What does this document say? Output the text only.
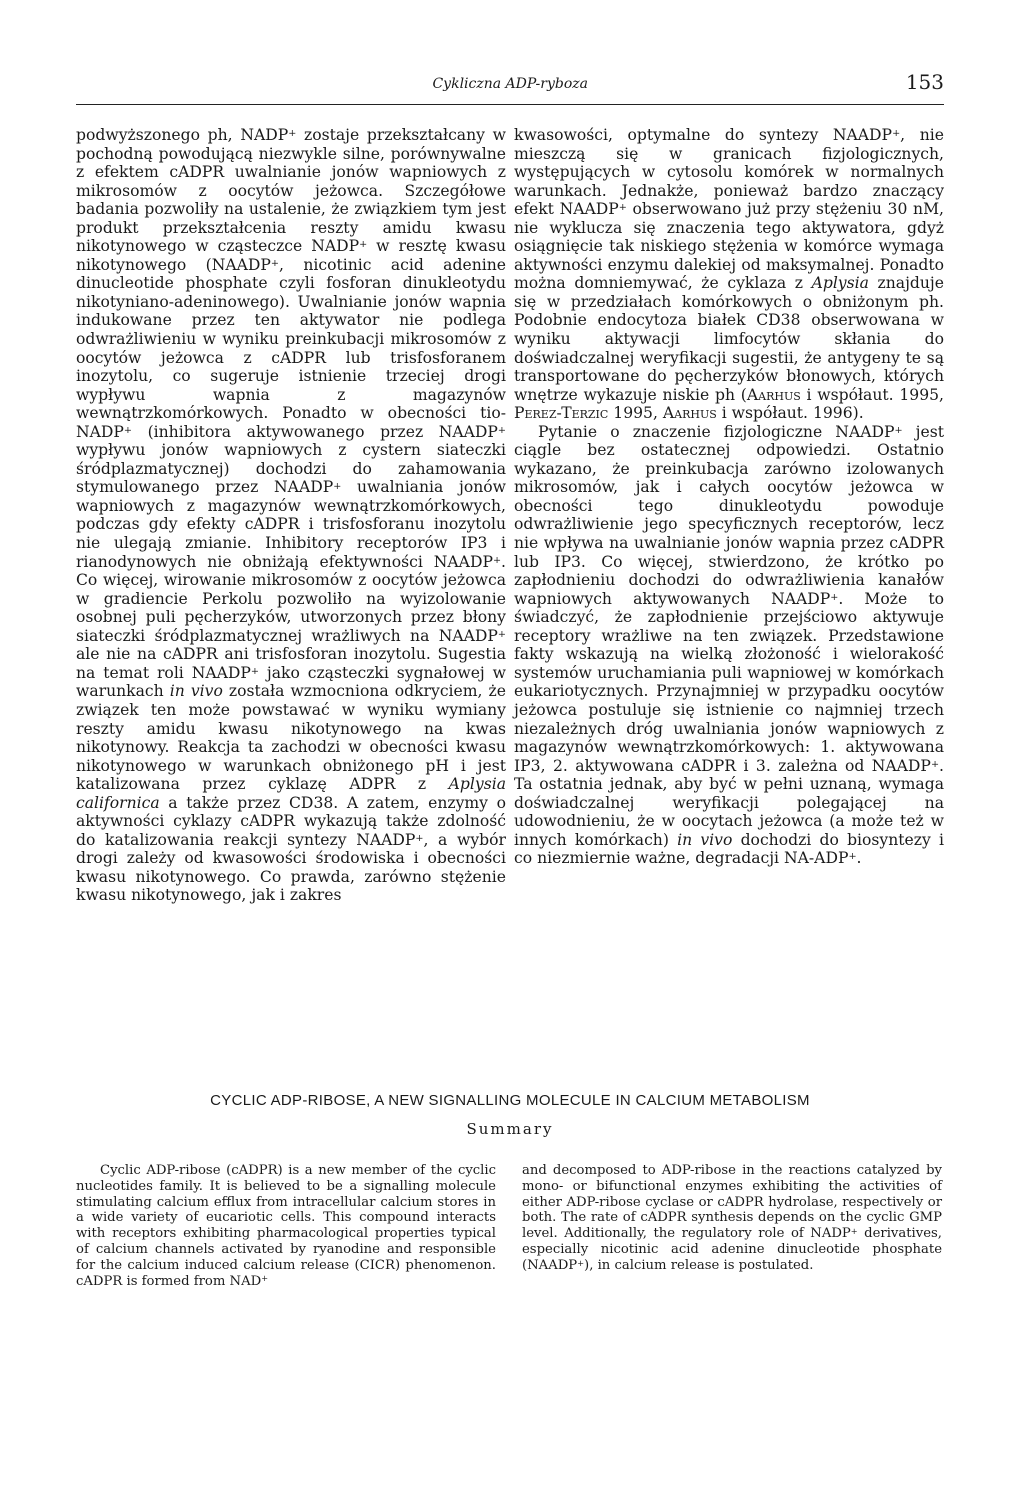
Cykliczna ADP-ryboza	153

podwyższonego ph, NADP+ zostaje przekształcany w pochodną powodującą niezwykle silne, porównywalne z efektem cADPR uwalnianie jonów wapniowych z mikrosomów z oocytów jeżowca. Szczegółowe badania pozwoliły na ustalenie, że związkiem tym jest produkt przekształcenia reszty amidu kwasu nikotynowego w cząsteczce NADP+ w resztę kwasu nikotynowego (NAADP+, nicotinic acid adenine dinucleotide phosphate czyli fosforan dinukleotydu nikotyniano-adeninowego). Uwalnianie jonów wapnia indukowane przez ten aktywator nie podlega odwrażliwieniu w wyniku preinkubacji mikrosomów z oocytów jeżowca z cADPR lub trisfosforanem inozytolu, co sugeruje istnienie trzeciej drogi wypływu wapnia z magazynów wewnątrzkomórkowych. Ponadto w obecności tio-NADP+ (inhibitora aktywowanego przez NAADP+ wypływu jonów wapniowych z cystern siateczki śródplazmatycznej) dochodzi do zahamowania stymulowanego przez NAADP+ uwalniania jonów wapniowych z magazynów wewnątrzkomórkowych, podczas gdy efekty cADPR i trisfosforanu inozytolu nie ulegają zmianie. Inhibitory receptorów IP3 i rianodynowych nie obniżają efektywności NAADP+. Co więcej, wirowanie mikrosomów z oocytów jeżowca w gradiencie Perkolu pozwoliło na wyizolowanie osobnej puli pęcherzyków, utworzonych przez błony siateczki śródplazmatycznej wrażliwych na NAADP+ ale nie na cADPR ani trisfosforan inozytolu. Sugestia na temat roli NAADP+ jako cząsteczki sygnałowej w warunkach in vivo została wzmocniona odkryciem, że związek ten może powstawać w wyniku wymiany reszty amidu kwasu nikotynowego na kwas nikotynowy. Reakcja ta zachodzi w obecności kwasu nikotynowego w warunkach obniżonego pH i jest katalizowana przez cyklazę ADPR z Aplysia californica a także przez CD38. A zatem, enzymy o aktywności cyklazy cADPR wykazują także zdolność do katalizowania reakcji syntezy NAADP+, a wybór drogi zależy od kwasowości środowiska i obecności kwasu nikotynowego. Co prawda, zarówno stężenie kwasu nikotynowego, jak i zakres

kwasowości, optymalne do syntezy NAADP+, nie mieszczą się w granicach fizjologicznych, występujących w cytosolu komórek w normalnych warunkach. Jednakże, ponieważ bardzo znaczący efekt NAADP+ obserwowano już przy stężeniu 30 nM, nie wyklucza się znaczenia tego aktywatora, gdyż osiągnięcie tak niskiego stężenia w komórce wymaga aktywności enzymu dalekiej od maksymalnej. Ponadto można domniemywać, że cyklaza z Aplysia znajduje się w przedziałach komórkowych o obniżonym ph. Podobnie endocytoza białek CD38 obserwowana w wyniku aktywacji limfocytów skłania do doświadczalnej weryfikacji sugestii, że antygeny te są transportowane do pęcherzyków błonowych, których wnętrze wykazuje niskie ph (Aarhus i współaut. 1995, Perez-Terzic 1995, Aarhus i współaut. 1996).

Pytanie o znaczenie fizjologiczne NAADP+ jest ciągle bez ostatecznej odpowiedzi. Ostatnio wykazano, że preinkubacja zarówno izolowanych mikrosomów, jak i całych oocytów jeżowca w obecności tego dinukleotydu powoduje odwrażliwienie jego specyficznych receptorów, lecz nie wpływa na uwalnianie jonów wapnia przez cADPR lub IP3. Co więcej, stwierdzono, że krótko po zapłodnieniu dochodzi do odwrażliwienia kanałów wapniowych aktywowanych NAADP+. Może to świadczyć, że zapłodnienie przejściowo aktywuje receptory wrażliwe na ten związek. Przedstawione fakty wskazują na wielką złożoność i wielorakość systemów uruchamiania puli wapniowej w komórkach eukariotycznych. Przynajmniej w przypadku oocytów jeżowca postuluje się istnienie co najmniej trzech niezależnych dróg uwalniania jonów wapniowych z magazynów wewnątrzkomórkowych: 1. aktywowana IP3, 2. aktywowana cADPR i 3. zależna od NAADP+. Ta ostatnia jednak, aby być w pełni uznaną, wymaga doświadczalnej weryfikacji polegającej na udowodnieniu, że w oocytach jeżowca (a może też w innych komórkach) in vivo dochodzi do biosyntezy i co niezmiernie ważne, degradacji NA-ADP+.

CYCLIC ADP-RIBOSE, A NEW SIGNALLING MOLECULE IN CALCIUM METABOLISM
Summary
Cyclic ADP-ribose (cADPR) is a new member of the cyclic nucleotides family. It is believed to be a signalling molecule stimulating calcium efflux from intracellular calcium stores in a wide variety of eucariotic cells. This compound interacts with receptors exhibiting pharmacological properties typical of calcium channels activated by ryanodine and responsible for the calcium induced calcium release (CICR) phenomenon. cADPR is formed from NAD+
and decomposed to ADP-ribose in the reactions catalyzed by mono- or bifunctional enzymes exhibiting the activities of either ADP-ribose cyclase or cADPR hydrolase, respectively or both. The rate of cADPR synthesis depends on the cyclic GMP level. Additionally, the regulatory role of NADP+ derivatives, especially nicotinic acid adenine dinucleotide phosphate (NAADP+), in calcium release is postulated.
